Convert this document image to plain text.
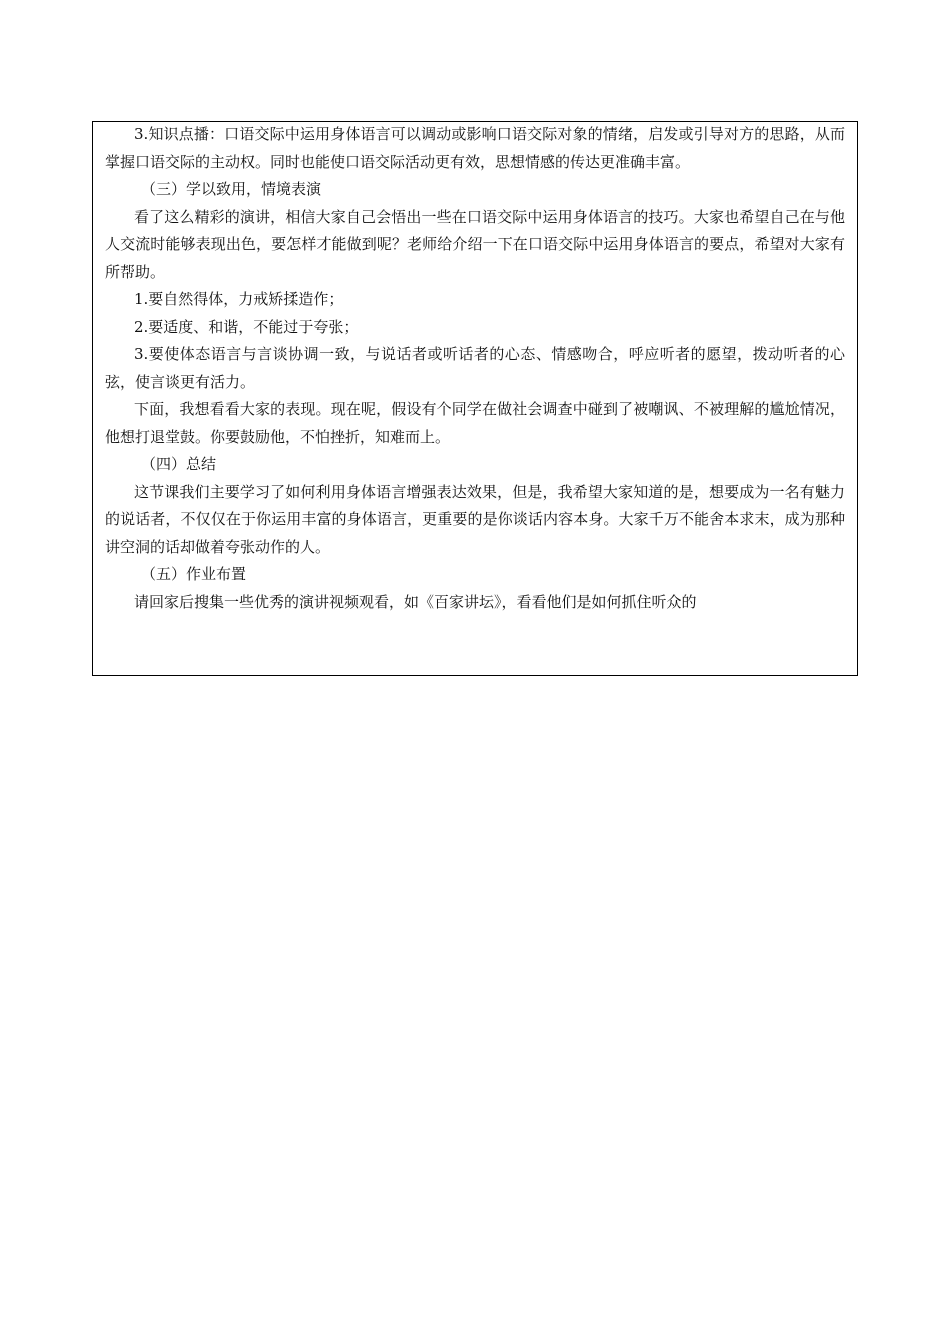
3.知识点播：口语交际中运用身体语言可以调动或影响口语交际对象的情绪，启发或引导对方的思路，从而掌握口语交际的主动权。同时也能使口语交际活动更有效，思想情感的传达更准确丰富。

（三）学以致用，情境表演

看了这么精彩的演讲，相信大家自己会悟出一些在口语交际中运用身体语言的技巧。大家也希望自己在与他人交流时能够表现出色，要怎样才能做到呢？老师给介绍一下在口语交际中运用身体语言的要点，希望对大家有所帮助。

1.要自然得体，力戒矫揉造作；

2.要适度、和谐，不能过于夸张；

3.要使体态语言与言谈协调一致，与说话者或听话者的心态、情感吻合，呼应听者的愿望，拨动听者的心弦，使言谈更有活力。

下面，我想看看大家的表现。现在呢，假设有个同学在做社会调查中碰到了被嘲讽、不被理解的尴尬情况，他想打退堂鼓。你要鼓励他，不怕挫折，知难而上。

（四）总结

这节课我们主要学习了如何利用身体语言增强表达效果，但是，我希望大家知道的是，想要成为一名有魅力的说话者，不仅仅在于你运用丰富的身体语言，更重要的是你谈话内容本身。大家千万不能舍本求末，成为那种讲空洞的话却做着夸张动作的人。

（五）作业布置

请回家后搜集一些优秀的演讲视频观看，如《百家讲坛》，看看他们是如何抓住听众的
